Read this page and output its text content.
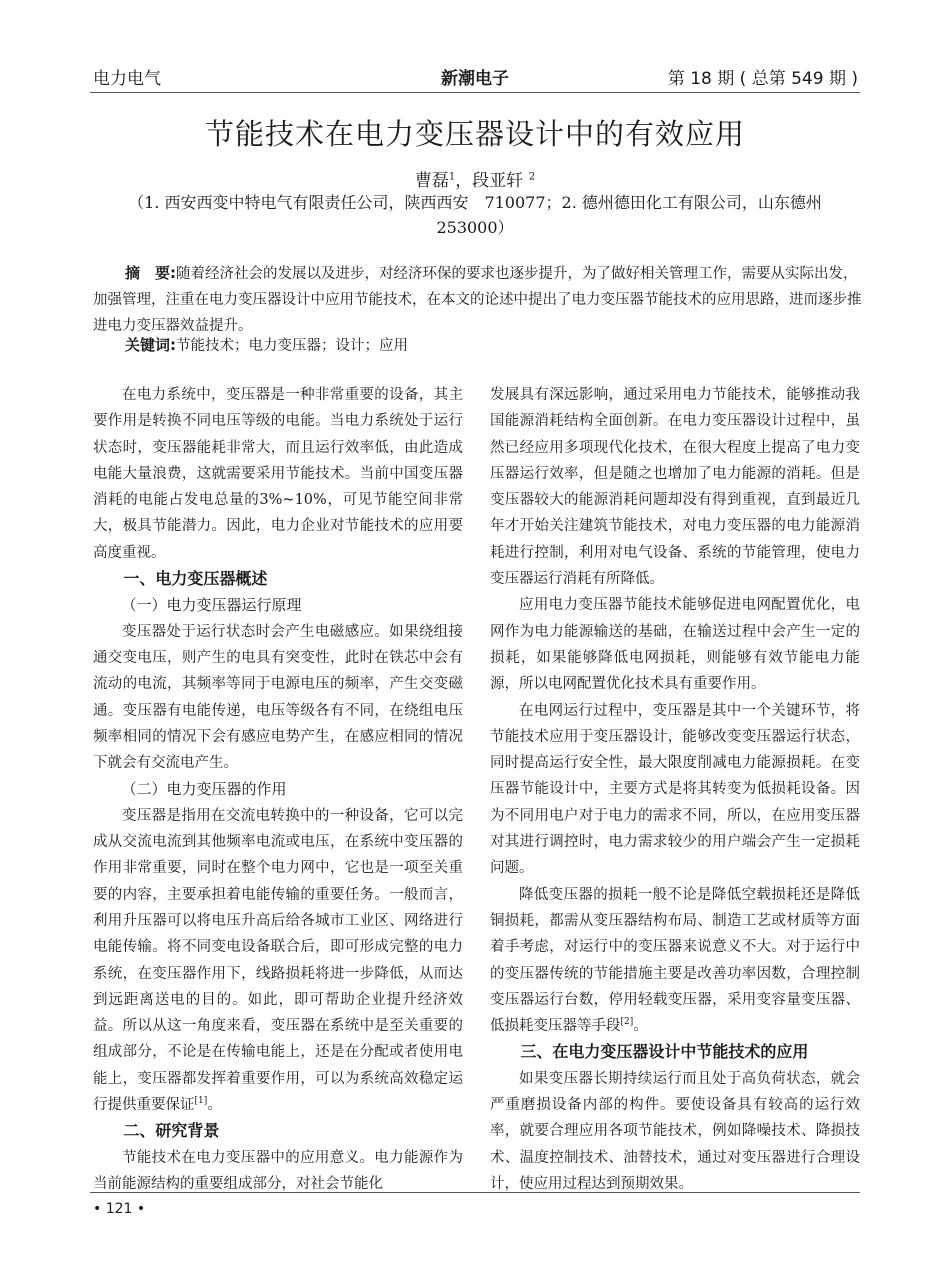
电力电气	新潮电子	第 18 期 ( 总第 549 期 )
节能技术在电力变压器设计中的有效应用
曹磊$^1$，段亚轩 $^2$
（1. 西安西变中特电气有限责任公司，陕西西安　710077；2. 德州德田化工有限公司，山东德州　253000）
摘　要:随着经济社会的发展以及进步，对经济环保的要求也逐步提升，为了做好相关管理工作，需要从实际出发，加强管理，注重在电力变压器设计中应用节能技术，在本文的论述中提出了电力变压器节能技术的应用思路，进而逐步推进电力变压器效益提升。
关键词:节能技术；电力变压器；设计；应用

在电力系统中，变压器是一种非常重要的设备，其主要作用是转换不同电压等级的电能。当电力系统处于运行状态时，变压器能耗非常大，而且运行效率低，由此造成电能大量浪费，这就需要采用节能技术。当前中国变压器消耗的电能占发电总量的3%~10%，可见节能空间非常大，极具节能潜力。因此，电力企业对节能技术的应用要高度重视。

一、电力变压器概述
（一）电力变压器运行原理

变压器处于运行状态时会产生电磁感应。如果绕组接通交变电压，则产生的电具有突变性，此时在铁芯中会有流动的电流，其频率等同于电源电压的频率，产生交变磁通。变压器有电能传递，电压等级各有不同，在绕组电压频率相同的情况下会有感应电势产生，在感应相同的情况下就会有交流电产生。

（二）电力变压器的作用

变压器是指用在交流电转换中的一种设备，它可以完成从交流电流到其他频率电流或电压，在系统中变压器的作用非常重要，同时在整个电力网中，它也是一项至关重要的内容，主要承担着电能传输的重要任务。一般而言，利用升压器可以将电压升高后给各城市工业区、网络进行电能传输。将不同变电设备联合后，即可形成完整的电力系统，在变压器作用下，线路损耗将进一步降低，从而达到远距离送电的目的。如此，即可帮助企业提升经济效益。所以从这一角度来看，变压器在系统中是至关重要的组成部分，不论是在传输电能上，还是在分配或者使用电能上，变压器都发挥着重要作用，可以为系统高效稳定运行提供重要保证[1]。

二、研究背景

节能技术在电力变压器中的应用意义。电力能源作为当前能源结构的重要组成部分，对社会节能化

发展具有深远影响，通过采用电力节能技术，能够推动我国能源消耗结构全面创新。在电力变压器设计过程中，虽然已经应用多项现代化技术，在很大程度上提高了电力变压器运行效率，但是随之也增加了电力能源的消耗。但是变压器较大的能源消耗问题却没有得到重视，直到最近几年才开始关注建筑节能技术，对电力变压器的电力能源消耗进行控制，利用对电气设备、系统的节能管理，使电力变压器运行消耗有所降低。

应用电力变压器节能技术能够促进电网配置优化，电网作为电力能源输送的基础，在输送过程中会产生一定的损耗，如果能够降低电网损耗，则能够有效节能电力能源，所以电网配置优化技术具有重要作用。

在电网运行过程中，变压器是其中一个关键环节，将节能技术应用于变压器设计，能够改变变压器运行状态，同时提高运行安全性，最大限度削减电力能源损耗。在变压器节能设计中，主要方式是将其转变为低损耗设备。因为不同用电户对于电力的需求不同，所以，在应用变压器对其进行调控时，电力需求较少的用户端会产生一定损耗问题。

降低变压器的损耗一般不论是降低空载损耗还是降低铜损耗，都需从变压器结构布局、制造工艺或材质等方面着手考虑，对运行中的变压器来说意义不大。对于运行中的变压器传统的节能措施主要是改善功率因数，合理控制变压器运行台数，停用轻载变压器，采用变容量变压器、低损耗变压器等手段[2]。

三、在电力变压器设计中节能技术的应用

如果变压器长期持续运行而且处于高负荷状态，就会严重磨损设备内部的构件。要使设备具有较高的运行效率，就要合理应用各项节能技术，例如降噪技术、降损技术、温度控制技术、油替技术，通过对变压器进行合理设计，使应用过程达到预期效果。

• 121 •
